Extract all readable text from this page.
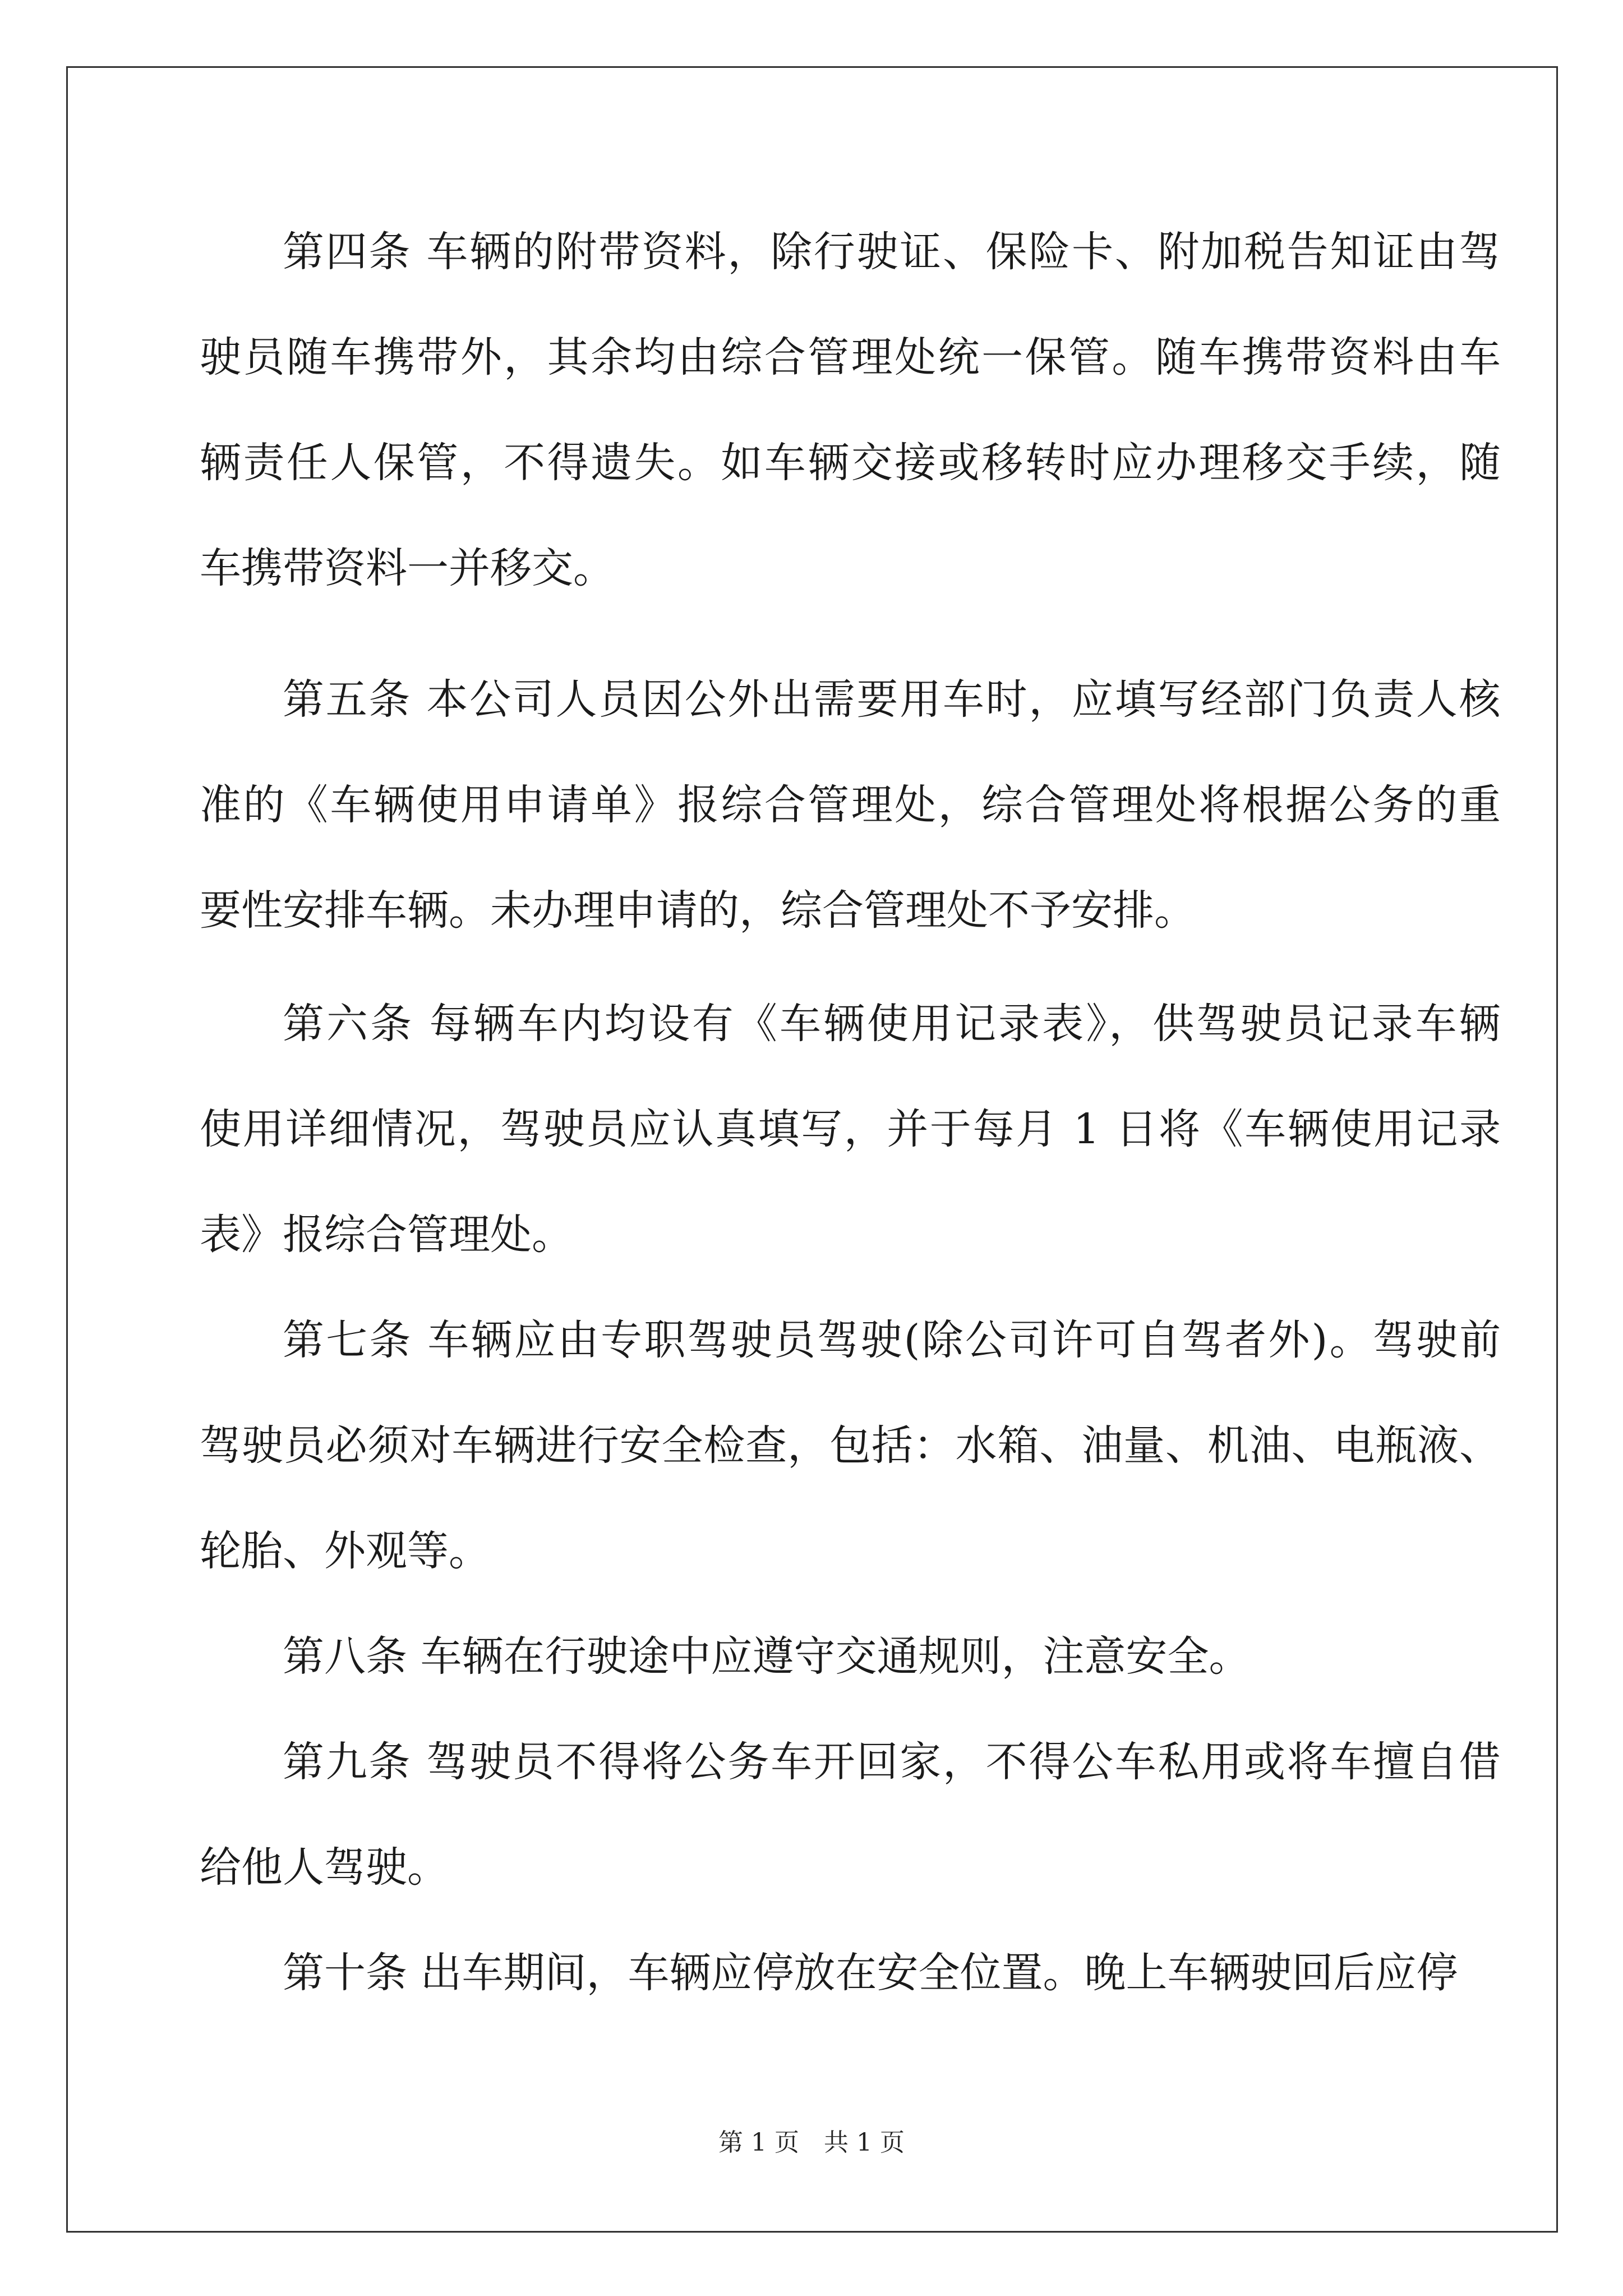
第四条 车辆的附带资料，除行驶证、保险卡、附加税告知证由驾
驶员随车携带外，其余均由综合管理处统一保管。随车携带资料由车
辆责任人保管，不得遗失。如车辆交接或移转时应办理移交手续，随
车携带资料一并移交。
第五条 本公司人员因公外出需要用车时，应填写经部门负责人核
准的《车辆使用申请单》报综合管理处，综合管理处将根据公务的重
要性安排车辆。未办理申请的，综合管理处不予安排。
第六条 每辆车内均设有《车辆使用记录表》，供驾驶员记录车辆
使用详细情况，驾驶员应认真填写，并于每月 1 日将《车辆使用记录
表》报综合管理处。
第七条 车辆应由专职驾驶员驾驶(除公司许可自驾者外)。驾驶前
驾驶员必须对车辆进行安全检查，包括：水箱、油量、机油、电瓶液、
轮胎、外观等。
第八条 车辆在行驶途中应遵守交通规则，注意安全。
第九条 驾驶员不得将公务车开回家，不得公车私用或将车擅自借
给他人驾驶。
第十条 出车期间，车辆应停放在安全位置。晚上车辆驶回后应停
第 1 页　共 1 页
